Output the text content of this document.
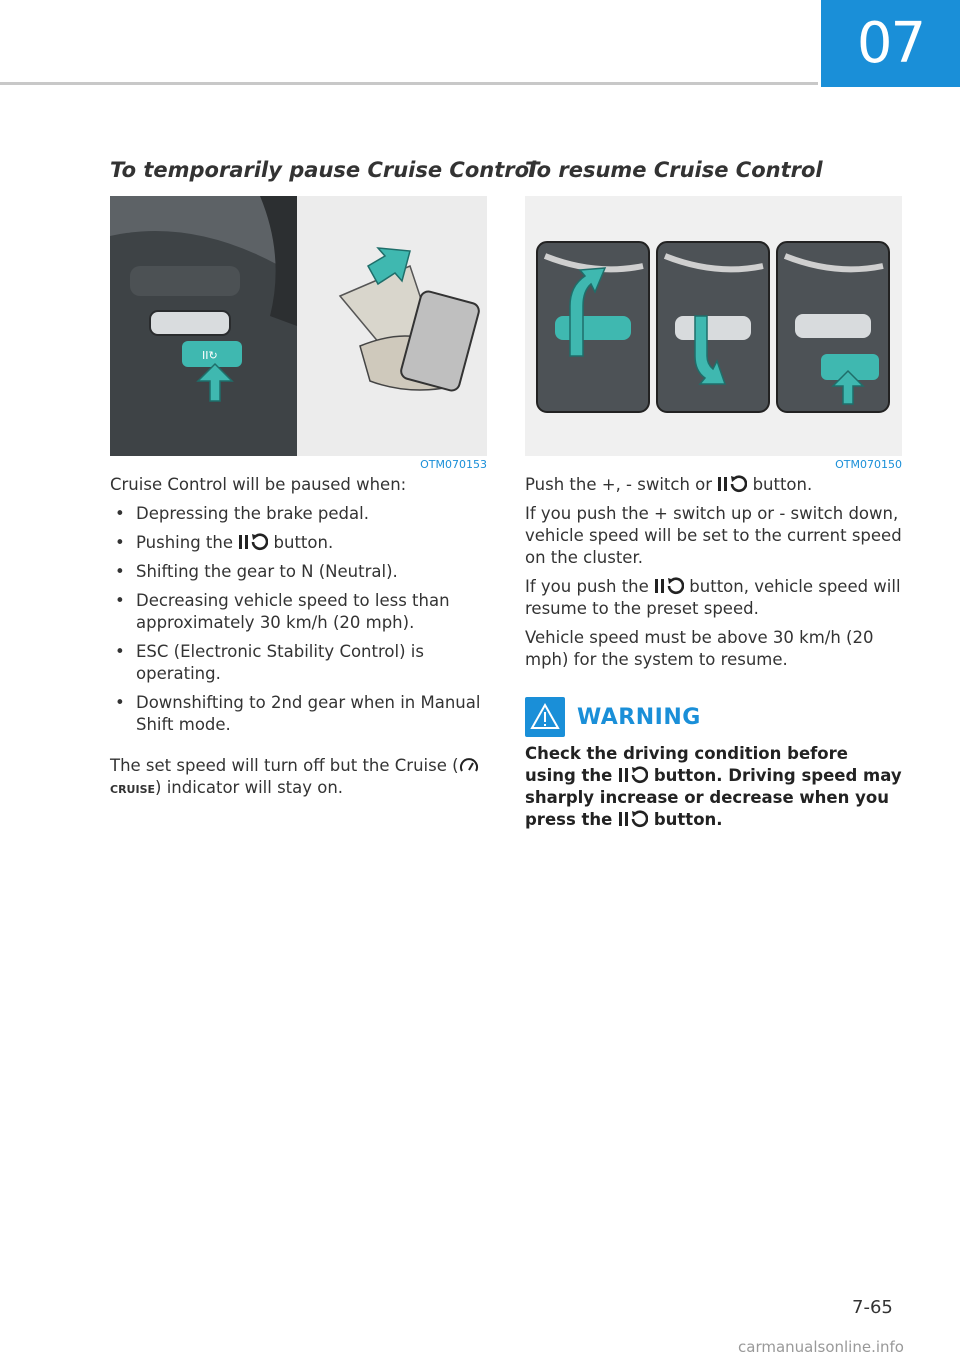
07
To temporarily pause Cruise Control
II↻
OTM070153

Cruise Control will be paused when:

• Depressing the brake pedal.
• Pushing the button.
• Shifting the gear to N (Neutral).
• Decreasing vehicle speed to less than approximately 30 km/h (20 mph).
• ESC (Electronic Stability Control) is operating.
• Downshifting to 2nd gear when in Manual Shift mode.

The set speed will turn off but the Cruise (CRUISE) indicator will stay on.

To resume Cruise Control
OTM070150

Push the +, - switch or button.

If you push the + switch up or - switch down, vehicle speed will be set to the current speed on the cluster.

If you push the button, vehicle speed will resume to the preset speed.

Vehicle speed must be above 30 km/h (20 mph) for the system to resume.

WARNING

Check the driving condition before using the	button. Driving speed may sharply increase or decrease when you press the	button.

7-65
carmanualsonline.info
